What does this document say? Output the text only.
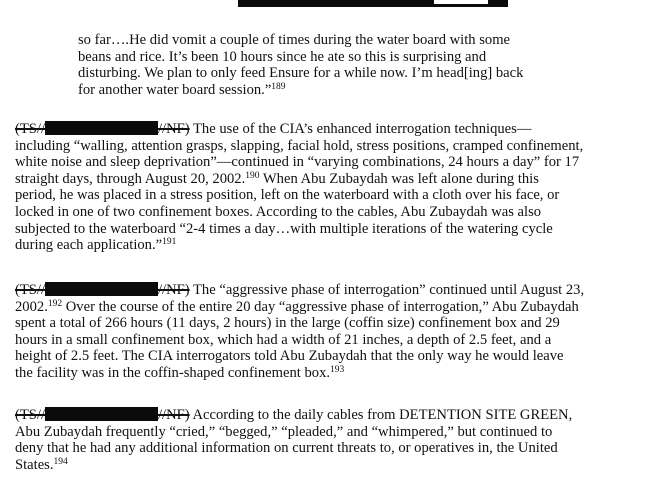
so far….He did vomit a couple of times during the water board with some
beans and rice. It’s been 10 hours since he ate so this is surprising and
disturbing. We plan to only feed Ensure for a while now. I’m head[ing] back
for another water board session.”$^{189}$
(TS//	//NF) The use of the CIA’s enhanced interrogation techniques—
including “walling, attention grasps, slapping, facial hold, stress positions, cramped confinement,
white noise and sleep deprivation”—continued in “varying combinations, 24 hours a day” for 17
straight days, through August 20, 2002.$^{190}$ When Abu Zubaydah was left alone during this
period, he was placed in a stress position, left on the waterboard with a cloth over his face, or
locked in one of two confinement boxes. According to the cables, Abu Zubaydah was also
subjected to the waterboard “2-4 times a day…with multiple iterations of the watering cycle
during each application.”$^{191}$
(TS//	//NF) The “aggressive phase of interrogation” continued until August 23,
2002.$^{192}$ Over the course of the entire 20 day “aggressive phase of interrogation,” Abu Zubaydah
spent a total of 266 hours (11 days, 2 hours) in the large (coffin size) confinement box and 29
hours in a small confinement box, which had a width of 21 inches, a depth of 2.5 feet, and a
height of 2.5 feet. The CIA interrogators told Abu Zubaydah that the only way he would leave
the facility was in the coffin-shaped confinement box.$^{193}$
(TS//	//NF) According to the daily cables from DETENTION SITE GREEN,
Abu Zubaydah frequently “cried,” “begged,” “pleaded,” and “whimpered,” but continued to
deny that he had any additional information on current threats to, or operatives in, the United
States.$^{194}$
